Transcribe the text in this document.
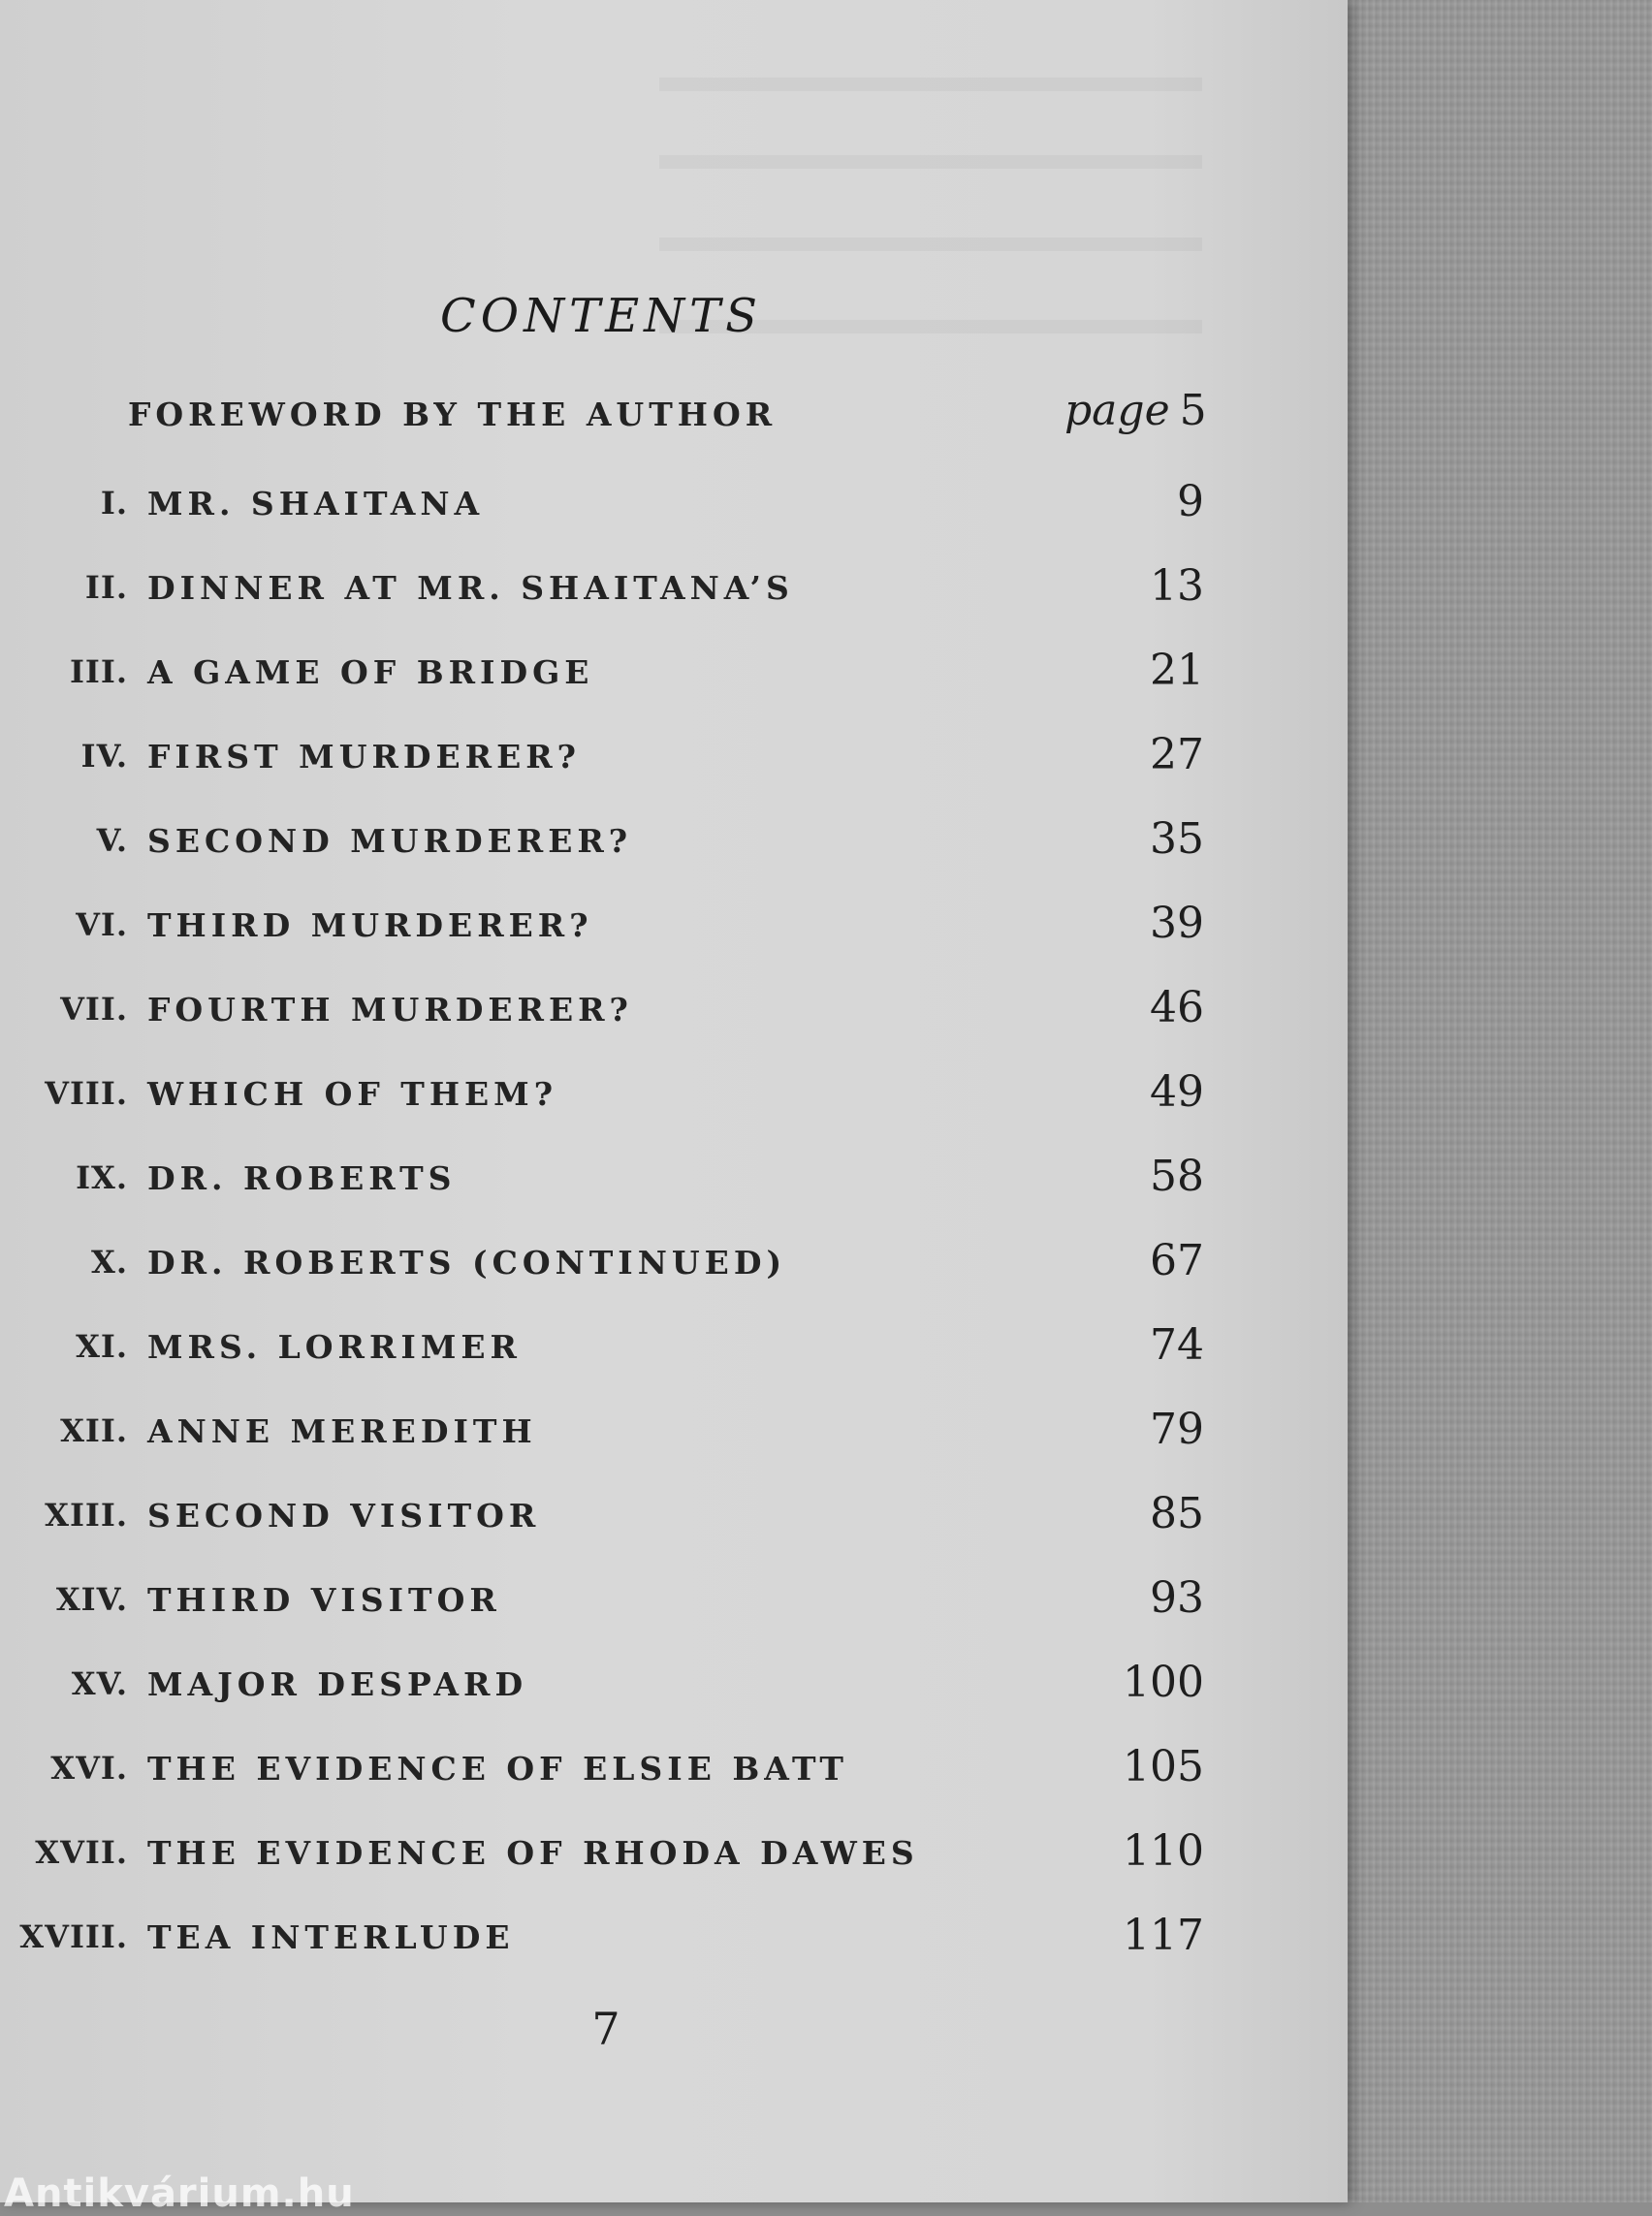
CONTENTS
FOREWORD BY THE AUTHOR	page 5
I. MR. SHAITANA	9
II. DINNER AT MR. SHAITANA’S	13
III. A GAME OF BRIDGE	21
IV. FIRST MURDERER?	27
V. SECOND MURDERER?	35
VI. THIRD MURDERER?	39
VII. FOURTH MURDERER?	46
VIII. WHICH OF THEM?	49
IX. DR. ROBERTS	58
X. DR. ROBERTS (CONTINUED)	67
XI. MRS. LORRIMER	74
XII. ANNE MEREDITH	79
XIII. SECOND VISITOR	85
XIV. THIRD VISITOR	93
XV. MAJOR DESPARD	100
XVI. THE EVIDENCE OF ELSIE BATT	105
XVII. THE EVIDENCE OF RHODA DAWES	110
XVIII. TEA INTERLUDE	117
7
Antikvárium.hu
